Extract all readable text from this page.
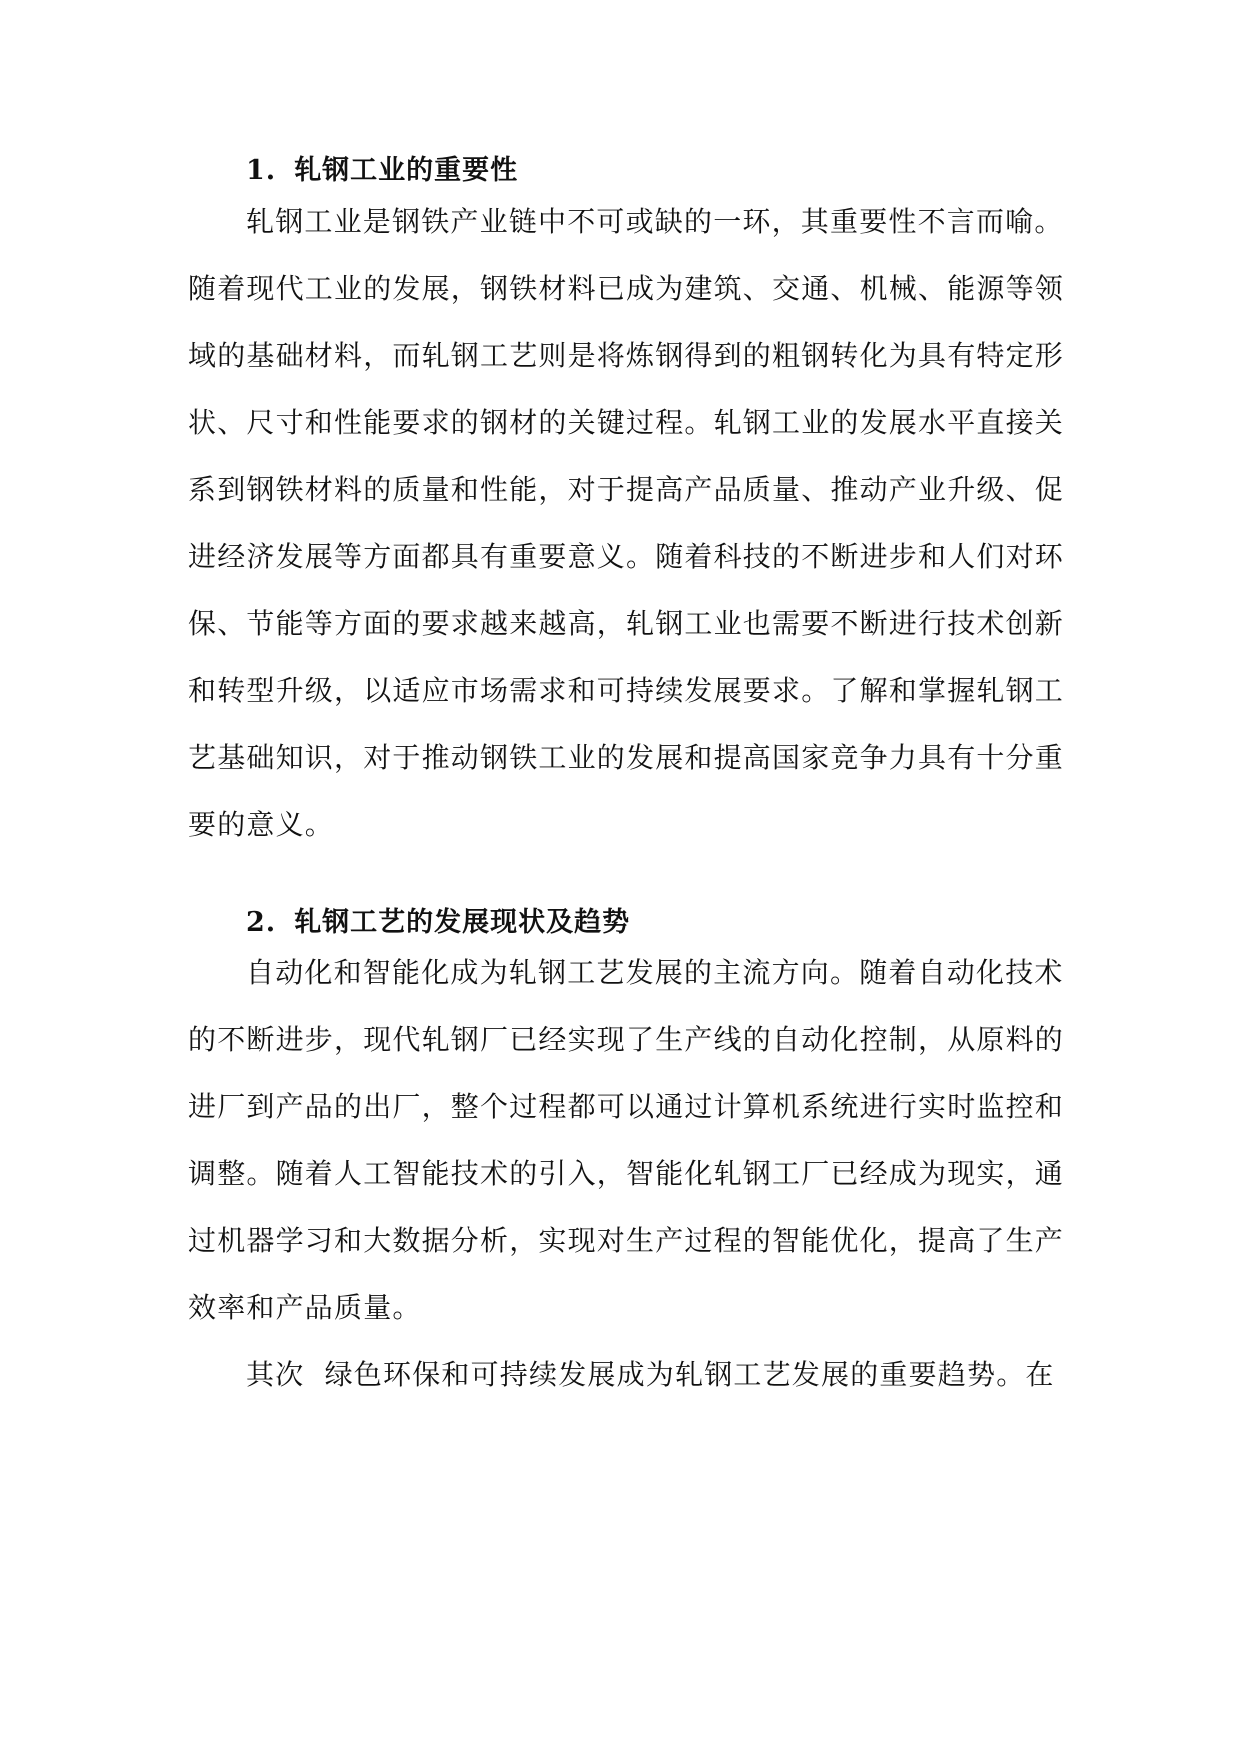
1. 轧钢工业的重要性
轧钢工业是钢铁产业链中不可或缺的一环，其重要性不言而喻。
随着现代工业的发展，钢铁材料已成为建筑、交通、机械、能源等领
域的基础材料，而轧钢工艺则是将炼钢得到的粗钢转化为具有特定形
状、尺寸和性能要求的钢材的关键过程。轧钢工业的发展水平直接关
系到钢铁材料的质量和性能，对于提高产品质量、推动产业升级、促
进经济发展等方面都具有重要意义。随着科技的不断进步和人们对环
保、节能等方面的要求越来越高，轧钢工业也需要不断进行技术创新
和转型升级，以适应市场需求和可持续发展要求。了解和掌握轧钢工
艺基础知识，对于推动钢铁工业的发展和提高国家竞争力具有十分重
要的意义。
2. 轧钢工艺的发展现状及趋势
自动化和智能化成为轧钢工艺发展的主流方向。随着自动化技术
的不断进步，现代轧钢厂已经实现了生产线的自动化控制，从原料的
进厂到产品的出厂，整个过程都可以通过计算机系统进行实时监控和
调整。随着人工智能技术的引入，智能化轧钢工厂已经成为现实，通
过机器学习和大数据分析，实现对生产过程的智能优化，提高了生产
效率和产品质量。
其次  绿色环保和可持续发展成为轧钢工艺发展的重要趋势。在
